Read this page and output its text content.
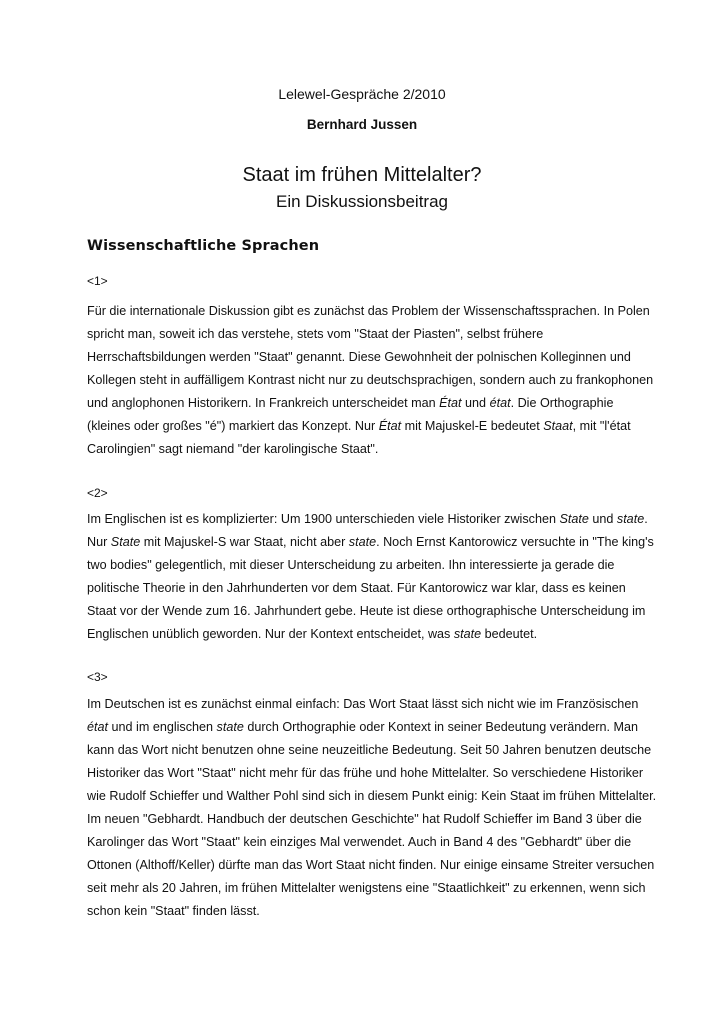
Lelewel-Gespräche 2/2010
Bernhard Jussen
Staat im frühen Mittelalter?
Ein Diskussionsbeitrag
Wissenschaftliche Sprachen
<1>
Für die internationale Diskussion gibt es zunächst das Problem der Wissenschaftssprachen. In Polen
spricht man, soweit ich das verstehe, stets vom "Staat der Piasten", selbst frühere
Herrschaftsbildungen werden "Staat" genannt. Diese Gewohnheit der polnischen Kolleginnen und
Kollegen steht in auffälligem Kontrast nicht nur zu deutschsprachigen, sondern auch zu frankophonen
und anglophonen Historikern. In Frankreich unterscheidet man État und état. Die Orthographie
(kleines oder großes "é") markiert das Konzept. Nur État mit Majuskel-E bedeutet Staat, mit "l'état
Carolingien" sagt niemand "der karolingische Staat".
<2>
Im Englischen ist es komplizierter: Um 1900 unterschieden viele Historiker zwischen State und state.
Nur State mit Majuskel-S war Staat, nicht aber state. Noch Ernst Kantorowicz versuchte in "The king's
two bodies" gelegentlich, mit dieser Unterscheidung zu arbeiten. Ihn interessierte ja gerade die
politische Theorie in den Jahrhunderten vor dem Staat. Für Kantorowicz war klar, dass es keinen
Staat vor der Wende zum 16. Jahrhundert gebe. Heute ist diese orthographische Unterscheidung im
Englischen unüblich geworden. Nur der Kontext entscheidet, was state bedeutet.
<3>
Im Deutschen ist es zunächst einmal einfach: Das Wort Staat lässt sich nicht wie im Französischen
état und im englischen state durch Orthographie oder Kontext in seiner Bedeutung verändern. Man
kann das Wort nicht benutzen ohne seine neuzeitliche Bedeutung. Seit 50 Jahren benutzen deutsche
Historiker das Wort "Staat" nicht mehr für das frühe und hohe Mittelalter. So verschiedene Historiker
wie Rudolf Schieffer und Walther Pohl sind sich in diesem Punkt einig: Kein Staat im frühen Mittelalter.
Im neuen "Gebhardt. Handbuch der deutschen Geschichte" hat Rudolf Schieffer im Band 3 über die
Karolinger das Wort "Staat" kein einziges Mal verwendet. Auch in Band 4 des "Gebhardt" über die
Ottonen (Althoff/Keller) dürfte man das Wort Staat nicht finden. Nur einige einsame Streiter versuchen
seit mehr als 20 Jahren, im frühen Mittelalter wenigstens eine "Staatlichkeit" zu erkennen, wenn sich
schon kein "Staat" finden lässt.
